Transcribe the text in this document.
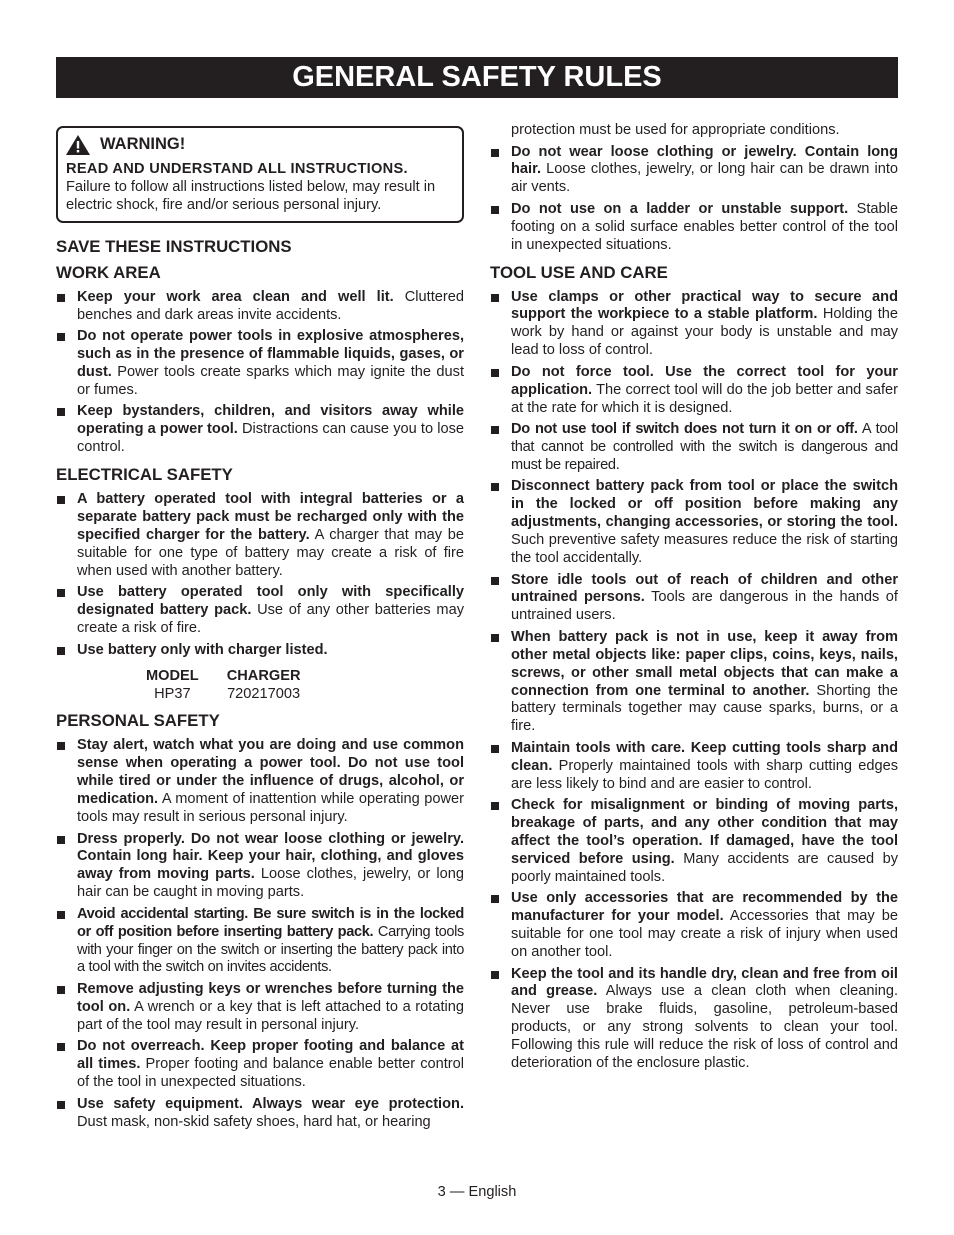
GENERAL SAFETY RULES
WARNING!
READ AND UNDERSTAND ALL INSTRUCTIONS.
Failure to follow all instructions listed below, may result in electric shock, fire and/or serious personal injury.
SAVE THESE INSTRUCTIONS
WORK AREA
Keep your work area clean and well lit. Cluttered benches and dark areas invite accidents.
Do not operate power tools in explosive atmospheres, such as in the presence of flammable liquids, gases, or dust. Power tools create sparks which may ignite the dust or fumes.
Keep bystanders, children, and visitors away while operating a power tool. Distractions can cause you to lose control.
ELECTRICAL SAFETY
A battery operated tool with integral batteries or a separate battery pack must be recharged only with the specified charger for the battery. A charger that may be suitable for one type of battery may create a risk of fire when used with another battery.
Use battery operated tool only with specifically designated battery pack. Use of any other batteries may create a risk of fire.
Use battery only with charger listed.
MODEL	CHARGER
HP37	720217003
PERSONAL SAFETY
Stay alert, watch what you are doing and use common sense when operating a power tool. Do not use tool while tired or under the influence of drugs, alcohol, or medication. A moment of inattention while operating power tools may result in serious personal injury.
Dress properly. Do not wear loose clothing or jewelry. Contain long hair. Keep your hair, clothing, and gloves away from moving parts. Loose clothes, jewelry, or long hair can be caught in moving parts.
Avoid accidental starting. Be sure switch is in the locked or off position before inserting battery pack. Carrying tools with your finger on the switch or inserting the battery pack into a tool with the switch on invites accidents.
Remove adjusting keys or wrenches before turning the tool on. A wrench or a key that is left attached to a rotating part of the tool may result in personal injury.
Do not overreach. Keep proper footing and balance at all times. Proper footing and balance enable better control of the tool in unexpected situations.
Use safety equipment. Always wear eye protection. Dust mask, non-skid safety shoes, hard hat, or hearing
protection must be used for appropriate conditions.
Do not wear loose clothing or jewelry. Contain long hair. Loose clothes, jewelry, or long hair can be drawn into air vents.
Do not use on a ladder or unstable support. Stable footing on a solid surface enables better control of the tool in unexpected situations.
TOOL USE AND CARE
Use clamps or other practical way to secure and support the workpiece to a stable platform. Holding the work by hand or against your body is unstable and may lead to loss of control.
Do not force tool. Use the correct tool for your application. The correct tool will do the job better and safer at the rate for which it is designed.
Do not use tool if switch does not turn it on or off. A tool that cannot be controlled with the switch is dangerous and must be repaired.
Disconnect battery pack from tool or place the switch in the locked or off position before making any adjustments, changing accessories, or storing the tool. Such preventive safety measures reduce the risk of starting the tool accidentally.
Store idle tools out of reach of children and other untrained persons. Tools are dangerous in the hands of untrained users.
When battery pack is not in use, keep it away from other metal objects like: paper clips, coins, keys, nails, screws, or other small metal objects that can make a connection from one terminal to another. Shorting the battery terminals together may cause sparks, burns, or a fire.
Maintain tools with care. Keep cutting tools sharp and clean. Properly maintained tools with sharp cutting edges are less likely to bind and are easier to control.
Check for misalignment or binding of moving parts, breakage of parts, and any other condition that may affect the tool’s operation. If damaged, have the tool serviced before using. Many accidents are caused by poorly maintained tools.
Use only accessories that are recommended by the manufacturer for your model. Accessories that may be suitable for one tool may create a risk of injury when used on another tool.
Keep the tool and its handle dry, clean and free from oil and grease. Always use a clean cloth when cleaning. Never use brake fluids, gasoline, petroleum-based products, or any strong solvents to clean your tool. Following this rule will reduce the risk of loss of control and deterioration of the enclosure plastic.
3 — English
